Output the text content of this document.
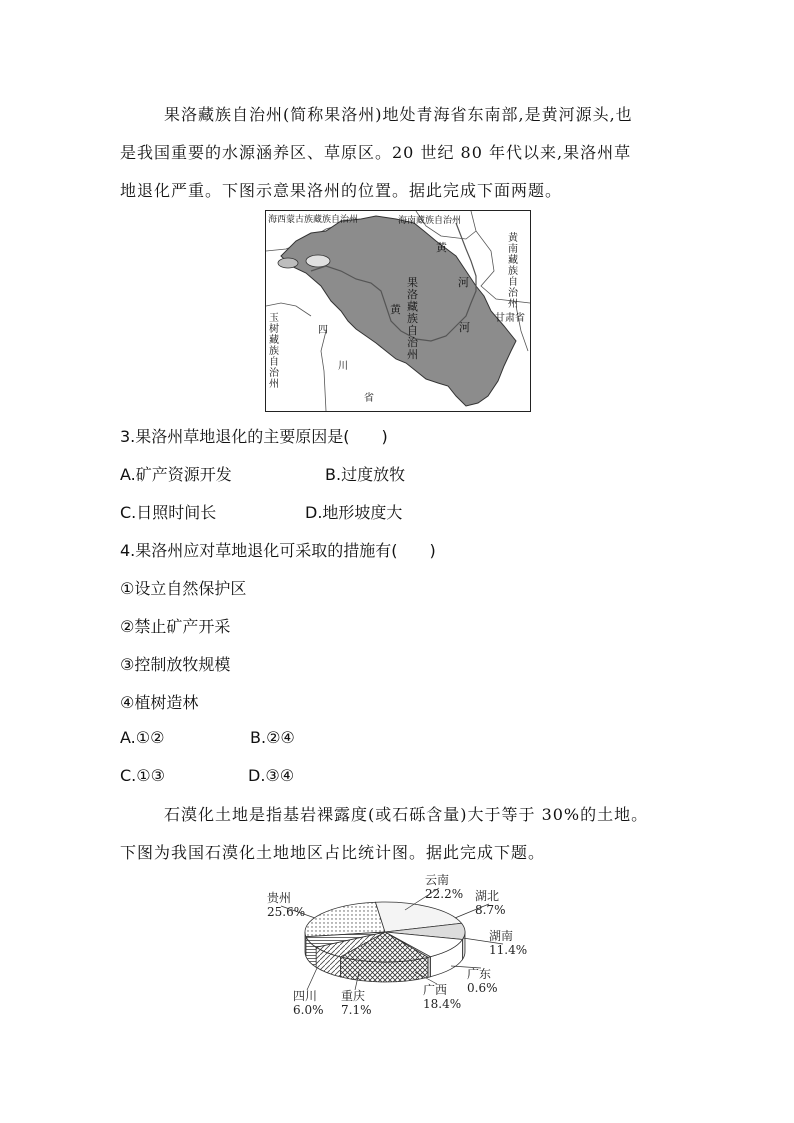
果洛藏族自治州(简称果洛州)地处青海省东南部,是黄河源头,也
是我国重要的水源涵养区、草原区。20 世纪 80 年代以来,果洛州草
地退化严重。下图示意果洛州的位置。据此完成下面两题。
海西蒙古族藏族自治州	海南藏族自治州
甘肃省
黄
河
黄
河
四
川
省
果
洛
藏
族
自
治
州
黄
南
藏
族
自
治
州
玉
树
藏
族
自
治
州
3.果洛州草地退化的主要原因是(　　)
A.矿产资源开发	B.过度放牧
C.日照时间长	D.地形坡度大
4.果洛州应对草地退化可采取的措施有(　　)
①设立自然保护区
②禁止矿产开采
③控制放牧规模
④植树造林
A.①②	B.②④
C.①③	D.③④
石漠化土地是指基岩裸露度(或石砾含量)大于等于 30%的土地。
下图为我国石漠化土地地区占比统计图。据此完成下题。
贵州
25.6%
云南
22.2% 湖北
8.7%
湖南
11.4%
广东
0.6%
广西
18.4%
重庆
7.1%
四川
6.0%
